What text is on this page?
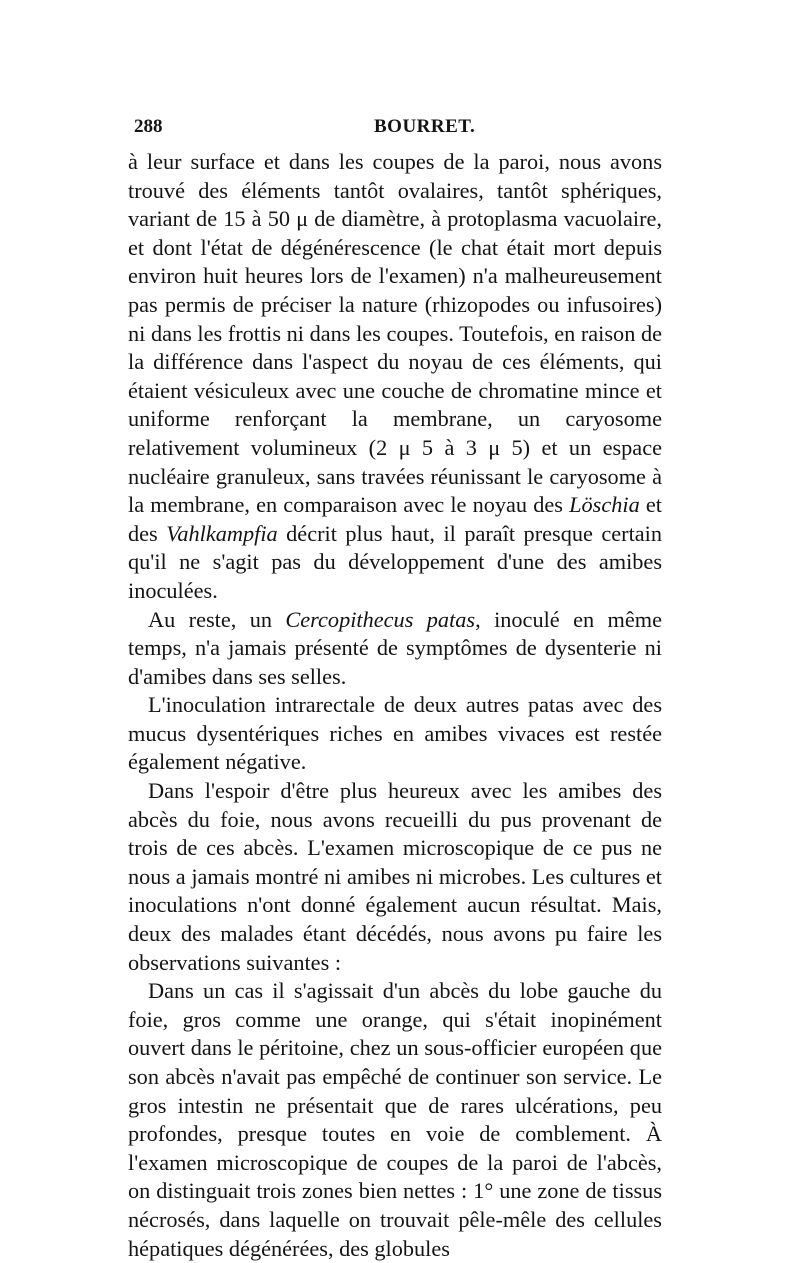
288	BOURRET.

à leur surface et dans les coupes de la paroi, nous avons trouvé des éléments tantôt ovalaires, tantôt sphériques, variant de 15 à 50 μ de diamètre, à protoplasma vacuolaire, et dont l'état de dégénérescence (le chat était mort depuis environ huit heures lors de l'examen) n'a malheureusement pas permis de préciser la nature (rhizopodes ou infusoires) ni dans les frottis ni dans les coupes. Toutefois, en raison de la différence dans l'aspect du noyau de ces éléments, qui étaient vésiculeux avec une couche de chromatine mince et uniforme renforçant la membrane, un caryosome relativement volumineux (2 μ 5 à 3 μ 5) et un espace nucléaire granuleux, sans travées réunissant le caryosome à la membrane, en comparaison avec le noyau des Löschia et des Vahlkampfia décrit plus haut, il paraît presque certain qu'il ne s'agit pas du développement d'une des amibes inoculées.

Au reste, un Cercopithecus patas, inoculé en même temps, n'a jamais présenté de symptômes de dysenterie ni d'amibes dans ses selles.

L'inoculation intrarectale de deux autres patas avec des mucus dysentériques riches en amibes vivaces est restée également négative.

Dans l'espoir d'être plus heureux avec les amibes des abcès du foie, nous avons recueilli du pus provenant de trois de ces abcès. L'examen microscopique de ce pus ne nous a jamais montré ni amibes ni microbes. Les cultures et inoculations n'ont donné également aucun résultat. Mais, deux des malades étant décédés, nous avons pu faire les observations suivantes :

Dans un cas il s'agissait d'un abcès du lobe gauche du foie, gros comme une orange, qui s'était inopinément ouvert dans le péritoine, chez un sous-officier européen que son abcès n'avait pas empêché de continuer son service. Le gros intestin ne présentait que de rares ulcérations, peu profondes, presque toutes en voie de comblement. À l'examen microscopique de coupes de la paroi de l'abcès, on distinguait trois zones bien nettes : 1° une zone de tissus nécrosés, dans laquelle on trouvait pêle-mêle des cellules hépatiques dégénérées, des globules
